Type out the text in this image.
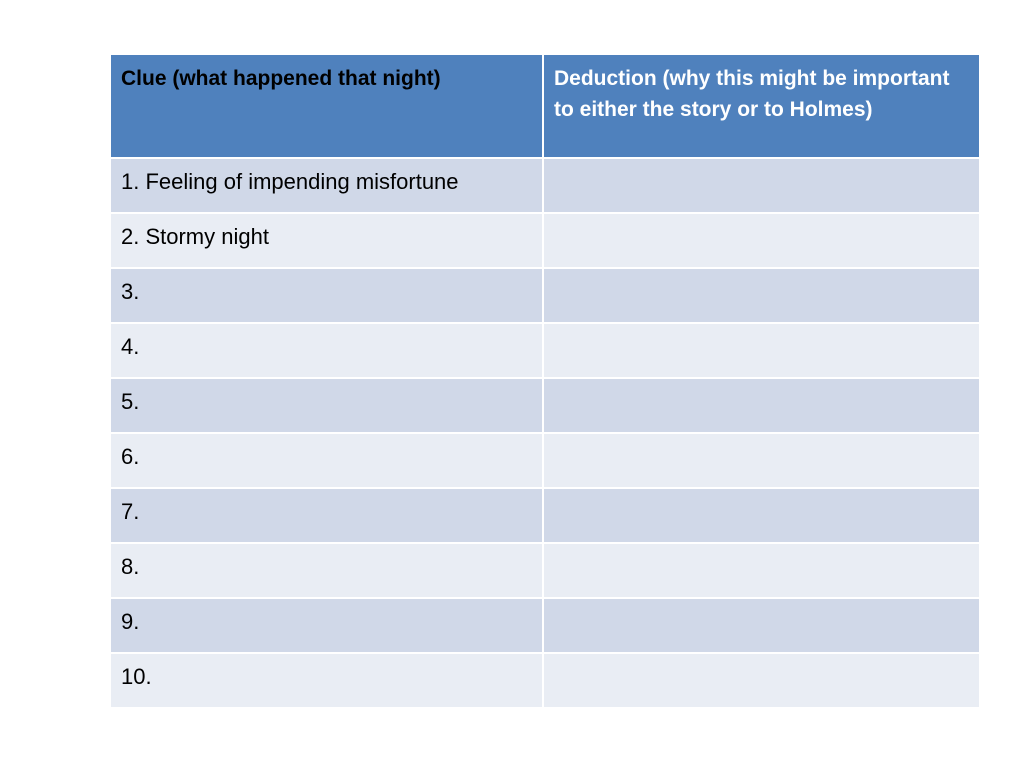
Clue (what happened that night)	Deduction (why this might be important to either the story or to Holmes)
1. Feeling of impending misfortune	
2. Stormy night	
3.	
4.	
5.	
6.	
7.	
8.	
9.	
10.	
